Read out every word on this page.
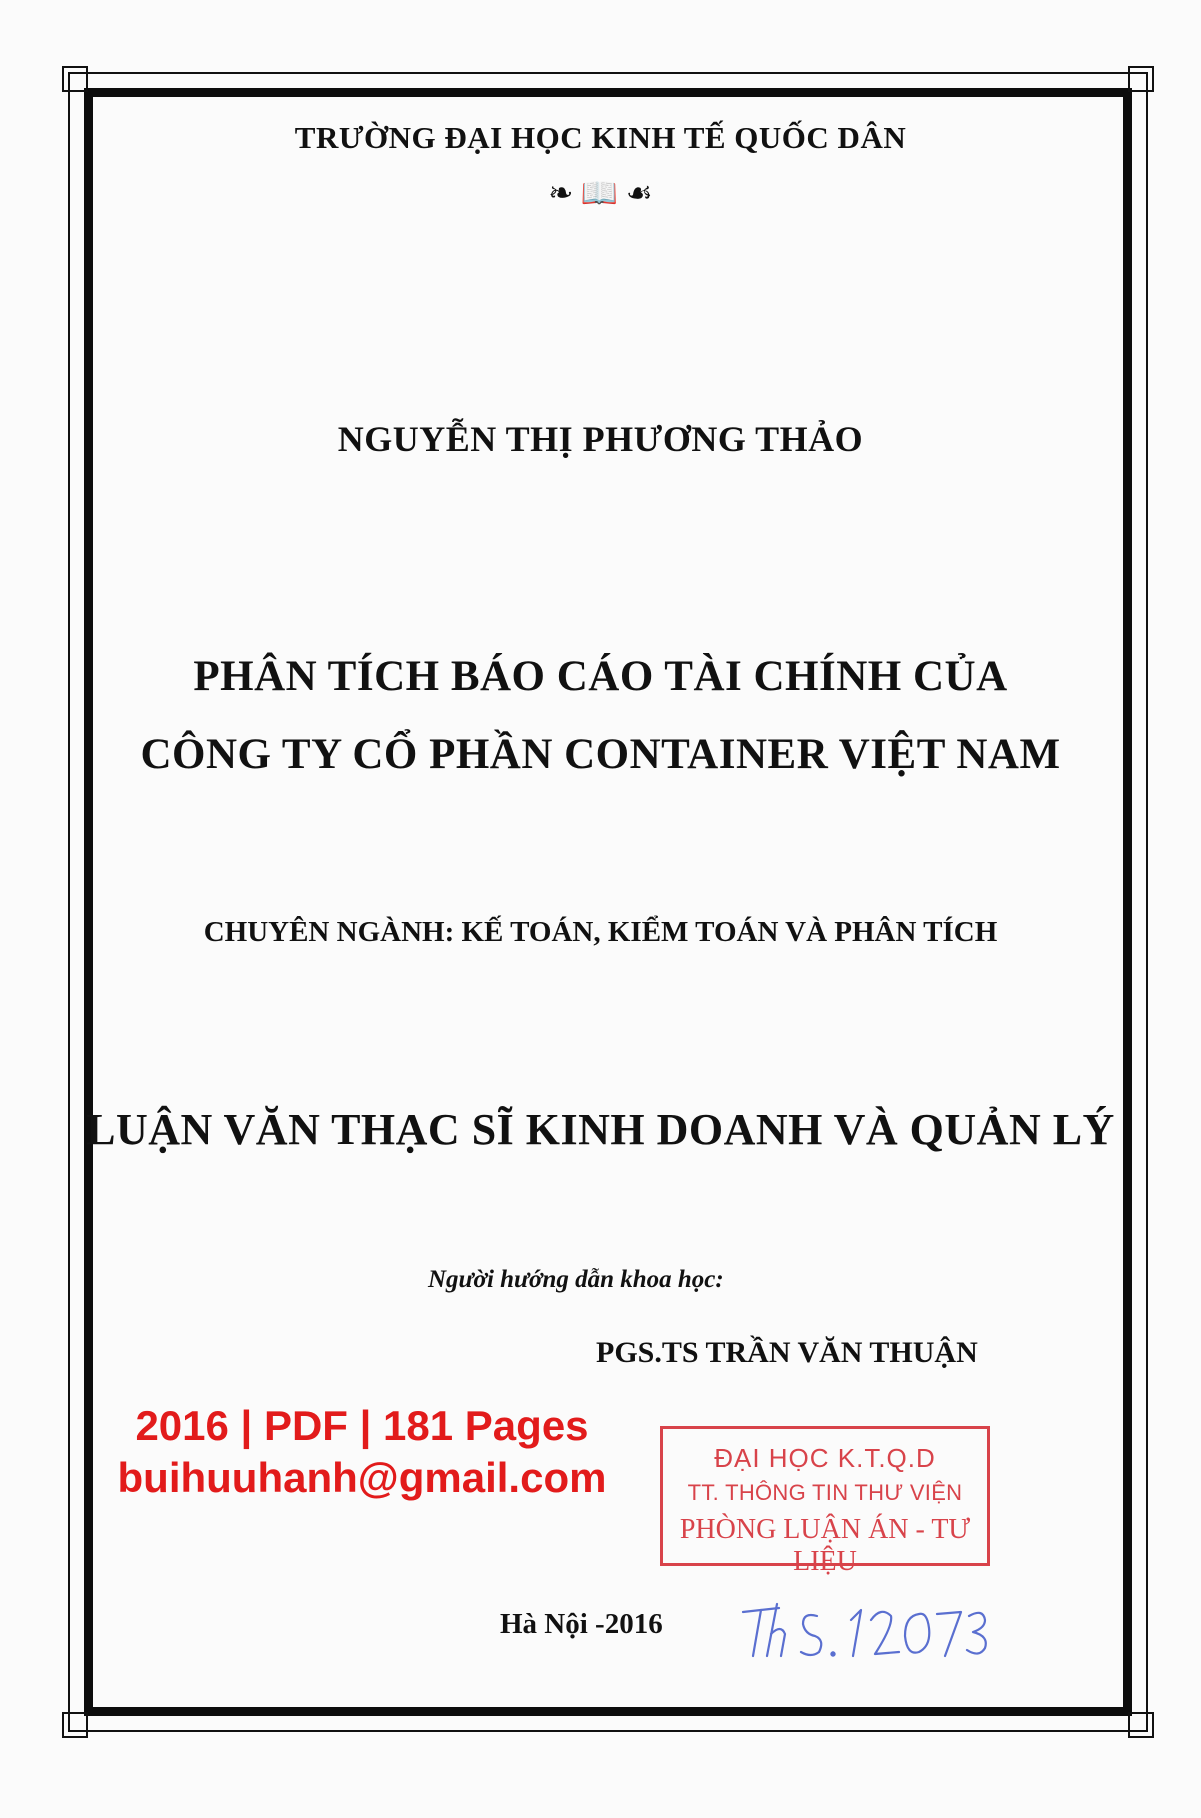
TRƯỜNG ĐẠI HỌC KINH TẾ QUỐC DÂN
❧ 📖 ☙
NGUYỄN THỊ PHƯƠNG THẢO
PHÂN TÍCH BÁO CÁO TÀI CHÍNH CỦA
CÔNG TY CỔ PHẦN CONTAINER VIỆT NAM
CHUYÊN NGÀNH: KẾ TOÁN, KIỂM TOÁN VÀ PHÂN TÍCH
LUẬN VĂN THẠC SĨ KINH DOANH VÀ QUẢN LÝ
Người hướng dẫn khoa học:
PGS.TS TRẦN VĂN THUẬN
2016 | PDF | 181 Pages
buihuuhanh@gmail.com	ĐẠI HỌC K.T.Q.D
TT. THÔNG TIN THƯ VIỆN
PHÒNG LUẬN ÁN - TƯ LIỆU
Hà Nội -2016
